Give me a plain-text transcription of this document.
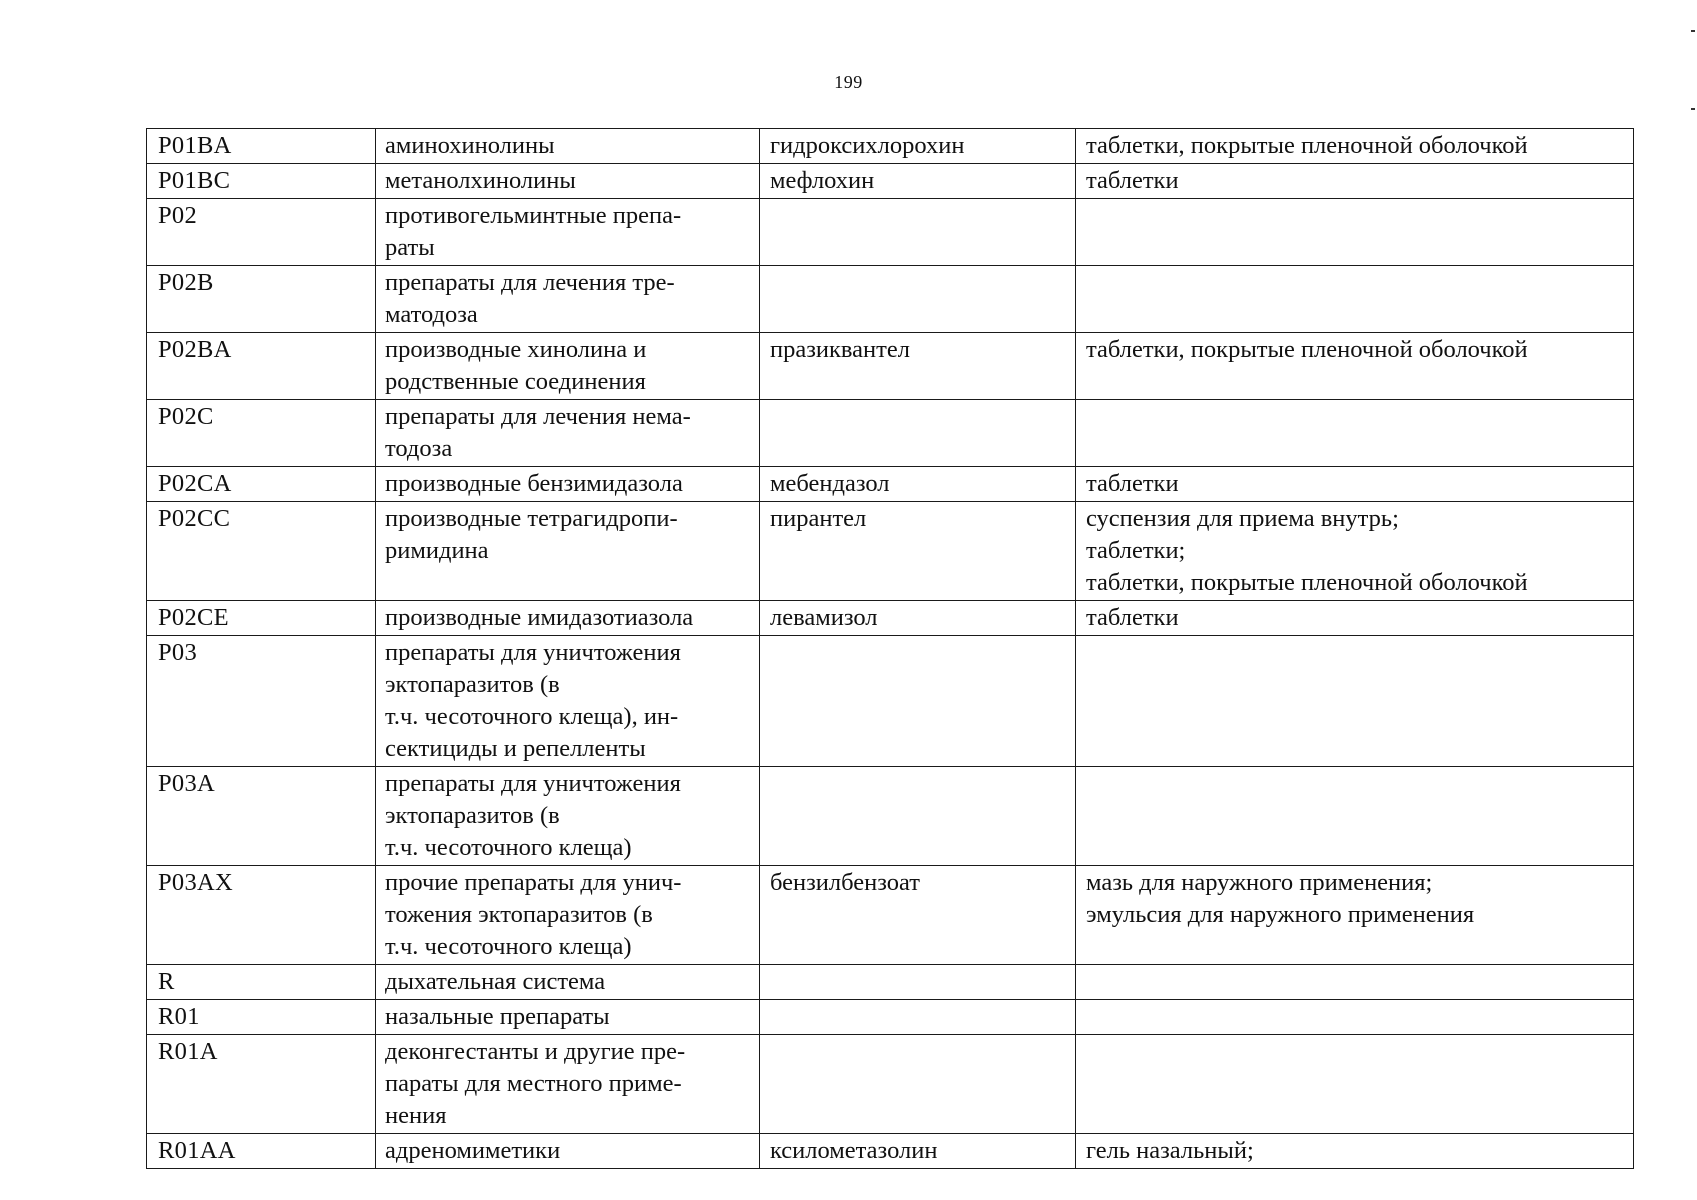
199
P01BA	аминохинолины	гидроксихлорохин	таблетки, покрытые пленочной оболочкой

P01BC	метанолхинолины	мефлохин	таблетки

P02	противогельминтные препа-
раты		

P02B	препараты для лечения тре-
матодоза		

P02BA	производные хинолина и
родственные соединения	празиквантел	таблетки, покрытые пленочной оболочкой

P02C	препараты для лечения нема-
тодоза		

P02CA	производные бензимидазола	мебендазол	таблетки

P02CC	производные тетрагидропи-
римидина	пирантел	суспензия для приема внутрь;
таблетки;
таблетки, покрытые пленочной оболочкой

P02CE	производные имидазотиазола	левамизол	таблетки

P03	препараты для уничтожения
эктопаразитов (в
т.ч. чесоточного клеща), ин-
сектициды и репелленты		

P03A	препараты для уничтожения
эктопаразитов (в
т.ч. чесоточного клеща)		

P03AX	прочие препараты для унич-
тожения эктопаразитов (в
т.ч. чесоточного клеща)	бензилбензоат	мазь для наружного применения;
эмульсия для наружного применения

R	дыхательная система		

R01	назальные препараты		

R01A	деконгестанты и другие пре-
параты для местного приме-
нения		

R01AA	адреномиметики	ксилометазолин	гель назальный;
